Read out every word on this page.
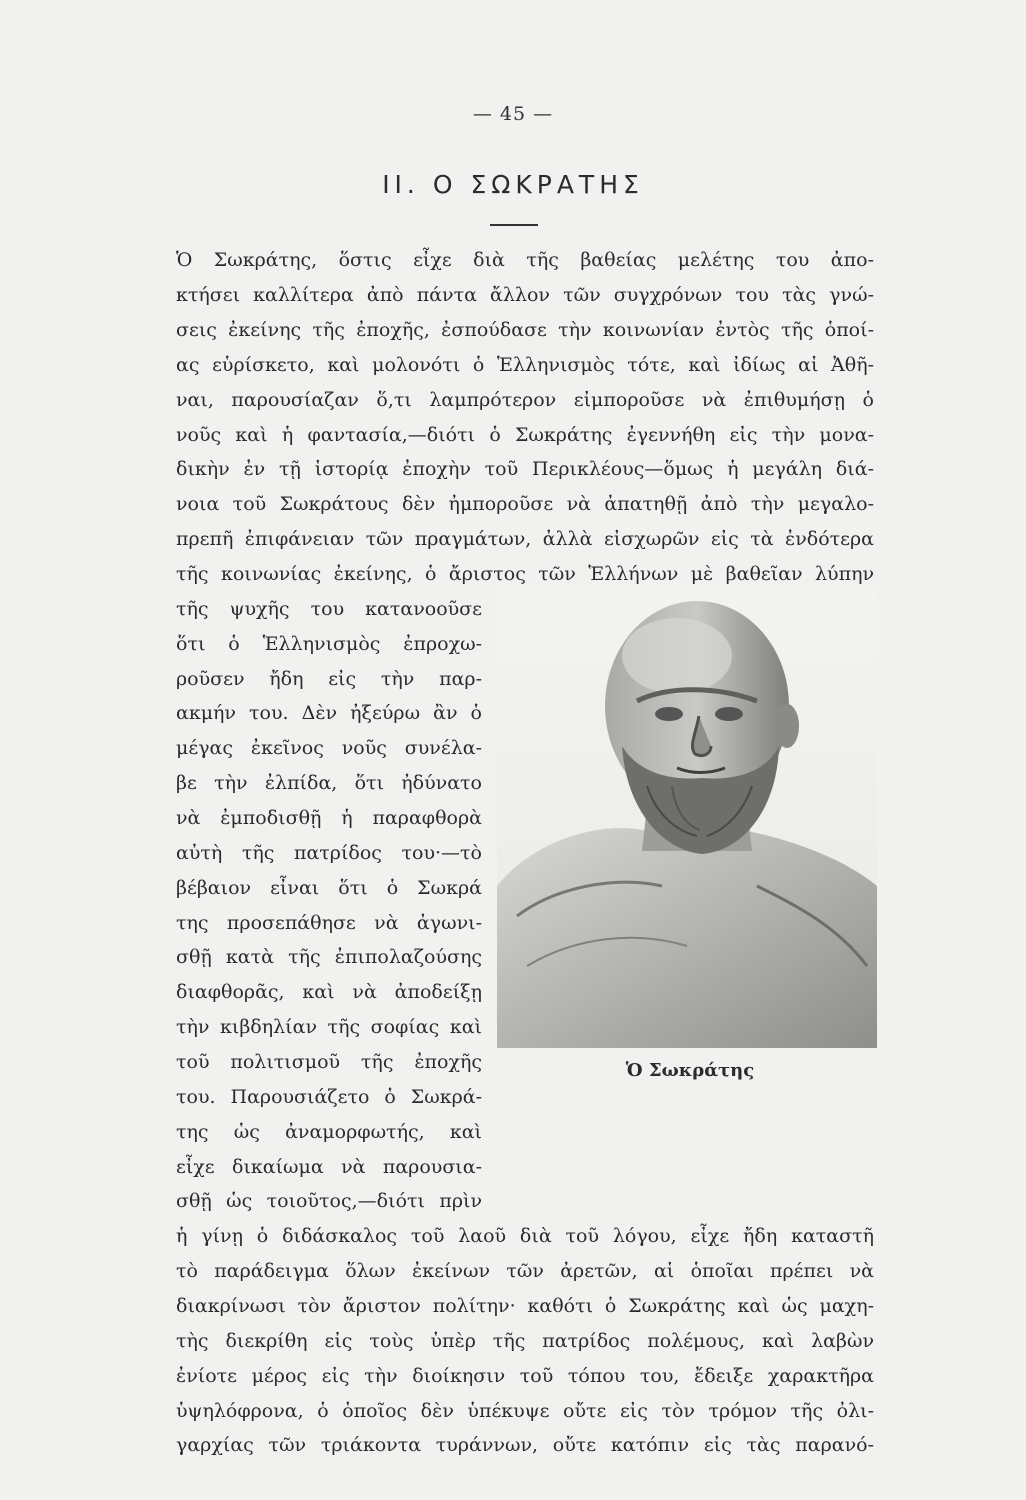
— 45 —
II. Ο ΣΩΚΡΑΤΗΣ
Ὁ Σωκράτης, ὅστις εἶχε διὰ τῆς βαθείας μελέτης του ἀπο-
κτήσει καλλίτερα ἀπὸ πάντα ἄλλον τῶν συγχρόνων του τὰς γνώ-
σεις ἐκείνης τῆς ἐποχῆς, ἐσπούδασε τὴν κοινωνίαν ἐντὸς τῆς ὁποί-
ας εὑρίσκετο, καὶ μολονότι ὁ Ἑλληνισμὸς τότε, καὶ ἰδίως αἱ Ἀθῆ-
ναι, παρουσίαζαν ὅ,τι λαμπρότερον εἰμποροῦσε νὰ ἐπιθυμήσῃ ὁ
νοῦς καὶ ἡ φαντασία,—διότι ὁ Σωκράτης ἐγεννήθη εἰς τὴν μονα-
δικὴν ἐν τῇ ἱστορίᾳ ἐποχὴν τοῦ Περικλέους—ὅμως ἡ μεγάλη διά-
νοια τοῦ Σωκράτους δὲν ἠμποροῦσε νὰ ἀπατηθῇ ἀπὸ τὴν μεγαλο-
πρεπῆ ἐπιφάνειαν τῶν πραγμάτων, ἀλλὰ εἰσχωρῶν εἰς τὰ ἐνδότερα
τῆς κοινωνίας ἐκείνης, ὁ ἄριστος τῶν Ἑλλήνων μὲ βαθεῖαν λύπην
τῆς ψυχῆς του κατανοοῦσε
ὅτι ὁ Ἑλληνισμὸς ἐπροχω-
ροῦσεν ἤδη εἰς τὴν παρ-
ακμήν του. Δὲν ἠξεύρω ἂν ὁ
μέγας ἐκεῖνος νοῦς συνέλα-
βε τὴν ἐλπίδα, ὅτι ἠδύνατο
νὰ ἐμποδισθῇ ἡ παραφθορὰ
αὐτὴ τῆς πατρίδος του·—τὸ
βέβαιον εἶναι ὅτι ὁ Σωκρά
της προσεπάθησε νὰ ἀγωνι-
σθῇ κατὰ τῆς ἐπιπολαζούσης
διαφθορᾶς, καὶ νὰ ἀποδείξῃ
τὴν κιβδηλίαν τῆς σοφίας καὶ
τοῦ πολιτισμοῦ τῆς ἐποχῆς
του. Παρουσιάζετο ὁ Σωκρά-
της ὡς ἀναμορφωτής, καὶ
εἶχε δικαίωμα νὰ παρουσια-
σθῇ ὡς τοιοῦτος,—διότι πρὶν
ἡ γίνῃ ὁ διδάσκαλος τοῦ λαοῦ διὰ τοῦ λόγου, εἶχε ἤδη καταστῆ
τὸ παράδειγμα ὅλων ἐκείνων τῶν ἀρετῶν, αἱ ὁποῖαι πρέπει νὰ
διακρίνωσι τὸν ἄριστον πολίτην· καθότι ὁ Σωκράτης καὶ ὡς μαχη-
τὴς διεκρίθη εἰς τοὺς ὑπὲρ τῆς πατρίδος πολέμους, καὶ λαβὼν
ἐνίοτε μέρος εἰς τὴν διοίκησιν τοῦ τόπου του, ἔδειξε χαρακτῆρα
ὑψηλόφρονα, ὁ ὁποῖος δὲν ὑπέκυψε οὔτε εἰς τὸν τρόμον τῆς ὀλι-
γαρχίας τῶν τριάκοντα τυράννων, οὔτε κατόπιν εἰς τὰς παρανό-
Ὁ Σωκράτης
